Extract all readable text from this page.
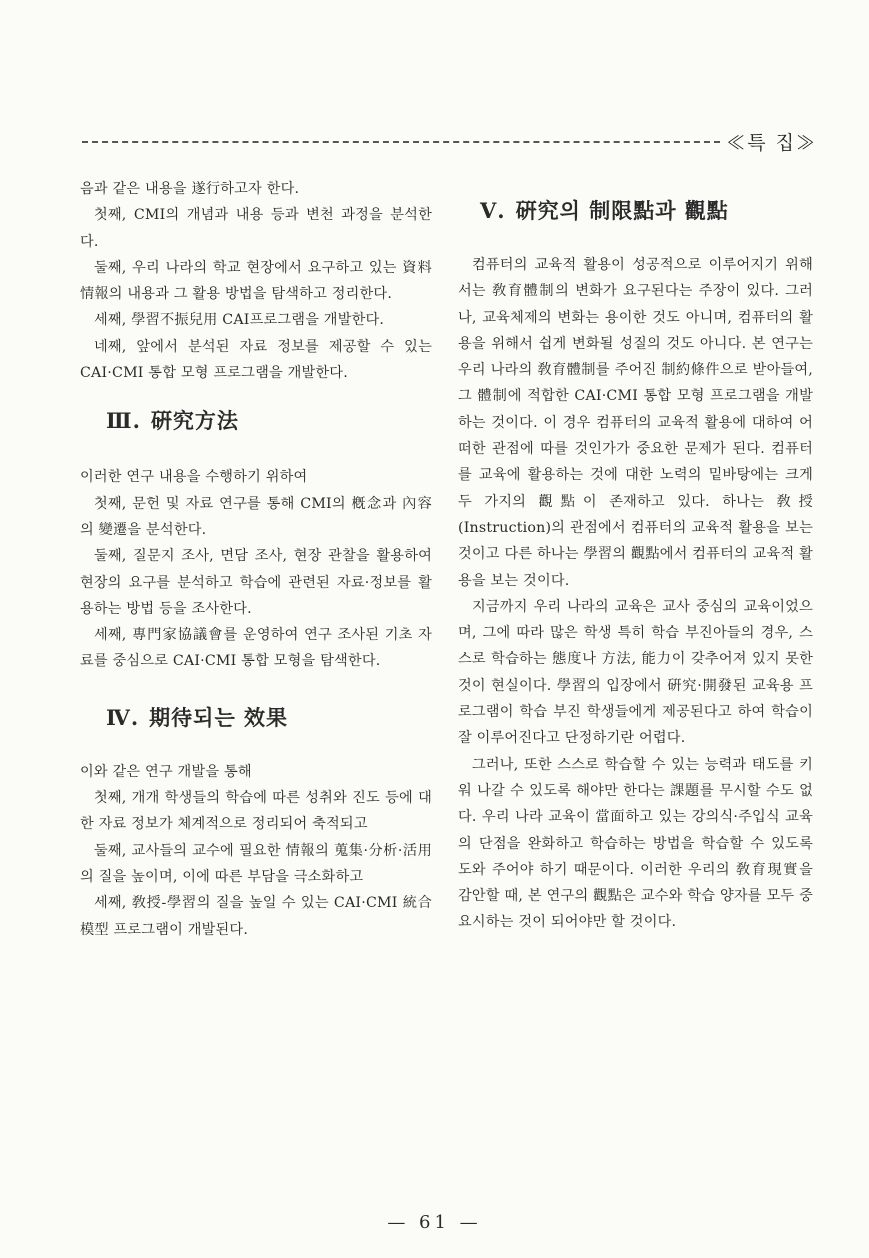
≪특 집≫

음과 같은 내용을 遂行하고자 한다.

첫째, CMI의 개념과 내용 등과 변천 과정을 분석한다.

둘째, 우리 나라의 학교 현장에서 요구하고 있는 資料情報의 내용과 그 활용 방법을 탐색하고 정리한다.

세째, 學習不振兒用 CAI프로그램을 개발한다.

네째, 앞에서 분석된 자료 정보를 제공할 수 있는 CAI·CMI 통합 모형 프로그램을 개발한다.

Ⅲ. 硏究方法

이러한 연구 내용을 수행하기 위하여

첫째, 문헌 및 자료 연구를 통해 CMI의 槪念과 內容의 變遷을 분석한다.

둘째, 질문지 조사, 면담 조사, 현장 관찰을 활용하여 현장의 요구를 분석하고 학습에 관련된 자료·정보를 활용하는 방법 등을 조사한다.

세째, 專門家協議會를 운영하여 연구 조사된 기초 자료를 중심으로 CAI·CMI 통합 모형을 탐색한다.

Ⅳ. 期待되는 效果

이와 같은 연구 개발을 통해

첫째, 개개 학생들의 학습에 따른 성취와 진도 등에 대한 자료 정보가 체계적으로 정리되어 축적되고

둘째, 교사들의 교수에 필요한 情報의 蒐集·分析·活用의 질을 높이며, 이에 따른 부담을 극소화하고

세째, 敎授-學習의 질을 높일 수 있는 CAI·CMI 統合模型 프로그램이 개발된다.

Ⅴ. 硏究의 制限點과 觀點

컴퓨터의 교육적 활용이 성공적으로 이루어지기 위해서는 敎育體制의 변화가 요구된다는 주장이 있다. 그러나, 교육체제의 변화는 용이한 것도 아니며, 컴퓨터의 활용을 위해서 쉽게 변화될 성질의 것도 아니다. 본 연구는 우리 나라의 敎育體制를 주어진 制約條件으로 받아들여, 그 體制에 적합한 CAI·CMI 통합 모형 프로그램을 개발하는 것이다. 이 경우 컴퓨터의 교육적 활용에 대하여 어떠한 관점에 따를 것인가가 중요한 문제가 된다. 컴퓨터를 교육에 활용하는 것에 대한 노력의 밑바탕에는 크게 두 가지의 觀點이 존재하고 있다. 하나는 敎授(Instruction)의 관점에서 컴퓨터의 교육적 활용을 보는 것이고 다른 하나는 學習의 觀點에서 컴퓨터의 교육적 활용을 보는 것이다.

지금까지 우리 나라의 교육은 교사 중심의 교육이었으며, 그에 따라 많은 학생 특히 학습 부진아들의 경우, 스스로 학습하는 態度나 方法, 能力이 갖추어져 있지 못한 것이 현실이다. 學習의 입장에서 硏究·開發된 교육용 프로그램이 학습 부진 학생들에게 제공된다고 하여 학습이 잘 이루어진다고 단정하기란 어렵다.

그러나, 또한 스스로 학습할 수 있는 능력과 태도를 키워 나갈 수 있도록 해야만 한다는 課題를 무시할 수도 없다. 우리 나라 교육이 當面하고 있는 강의식·주입식 교육의 단점을 완화하고 학습하는 방법을 학습할 수 있도록 도와 주어야 하기 때문이다. 이러한 우리의 敎育現實을 감안할 때, 본 연구의 觀點은 교수와 학습 양자를 모두 중요시하는 것이 되어야만 할 것이다.

— 61 —
